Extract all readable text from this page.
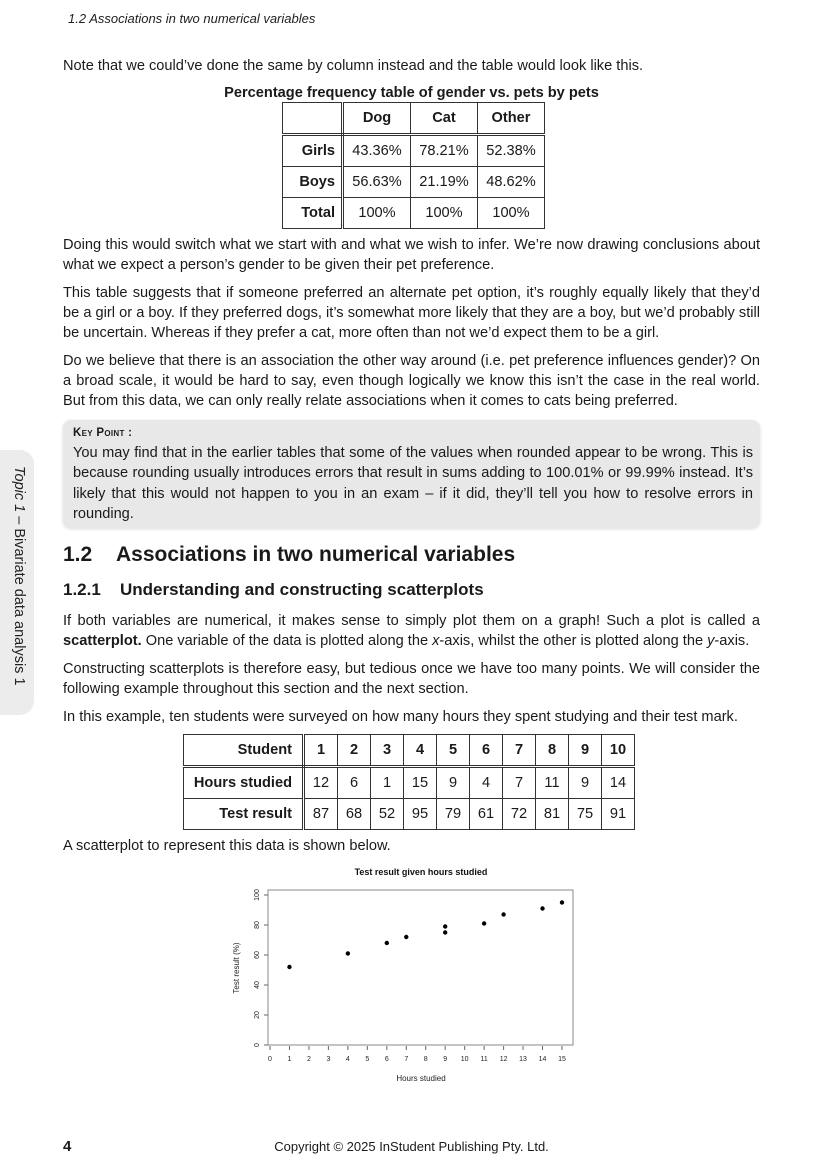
1.2 Associations in two numerical variables
Topic 1 – Bivariate data analysis 1
Note that we could’ve done the same by column instead and the table would look like this.
Percentage frequency table of gender vs. pets by pets
	Dog	Cat	Other
Girls	43.36%	78.21%	52.38%
Boys	56.63%	21.19%	48.62%
Total	100%	100%	100%
Doing this would switch what we start with and what we wish to infer. We’re now drawing conclusions about what we expect a person’s gender to be given their pet preference.
This table suggests that if someone preferred an alternate pet option, it’s roughly equally likely that they’d be a girl or a boy. If they preferred dogs, it’s somewhat more likely that they are a boy, but we’d probably still be uncertain. Whereas if they prefer a cat, more often than not we’d expect them to be a girl.
Do we believe that there is an association the other way around (i.e. pet preference influences gender)? On a broad scale, it would be hard to say, even though logically we know this isn’t the case in the real world. But from this data, we can only really relate associations when it comes to cats being preferred.
Key Point :
You may find that in the earlier tables that some of the values when rounded appear to be wrong. This is because rounding usually introduces errors that result in sums adding to 100.01% or 99.99% instead. It’s likely that this would not happen to you in an exam – if it did, they’ll tell you how to resolve errors in rounding.
1.2 Associations in two numerical variables
1.2.1 Understanding and constructing scatterplots
If both variables are numerical, it makes sense to simply plot them on a graph! Such a plot is called a scatterplot. One variable of the data is plotted along the x-axis, whilst the other is plotted along the y-axis.
Constructing scatterplots is therefore easy, but tedious once we have too many points. We will consider the following example throughout this section and the next section.
In this example, ten students were surveyed on how many hours they spent studying and their test mark.
Student	1	2	3	4	5	6	7	8	9	10
Hours studied	12	6	1	15	9	4	7	11	9	14
Test result	87	68	52	95	79	61	72	81	75	91
A scatterplot to represent this data is shown below.
Test result given hours studied
0 1 2 3 4 5 6 7 8 9 10 11 12 13 14 15
0
20
40
60
80
100
Hours studied
Test result (%)
4	Copyright © 2025 InStudent Publishing Pty. Ltd.
